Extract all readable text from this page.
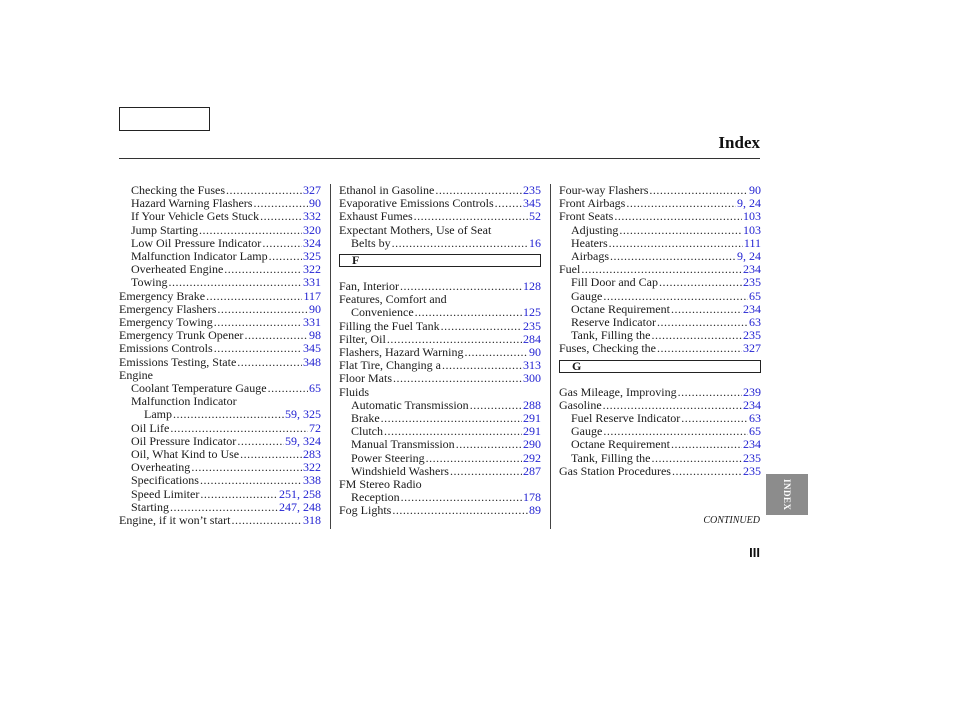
Index
Checking the Fuses .....	327
Hazard Warning Flashers .....	90
If Your Vehicle Gets Stuck .....	332
Jump Starting .....	320
Low Oil Pressure Indicator .....	324
Malfunction Indicator Lamp .....	325
Overheated Engine .....	322
Towing .....	331
Emergency Brake .....	117
Emergency Flashers .....	90
Emergency Towing .....	331
Emergency Trunk Opener .....	98
Emissions Controls .....	345
Emissions Testing, State .....	348
Engine
Coolant Temperature Gauge .....	65
Malfunction Indicator
Lamp .....	59, 325
Oil Life .....	72
Oil Pressure Indicator .....	59, 324
Oil, What Kind to Use .....	283
Overheating .....	322
Specifications .....	338
Speed Limiter .....	251, 258
Starting .....	247, 248
Engine, if it won’t start .....	318
Ethanol in Gasoline .....	235
Evaporative Emissions Controls ..... 345
Exhaust Fumes .....	52
Expectant Mothers, Use of Seat
Belts by .....	16
F
Fan, Interior .....	128
Features, Comfort and
Convenience .....	125
Filling the Fuel Tank .....	235
Filter, Oil .....	284
Flashers, Hazard Warning .....	90
Flat Tire, Changing a .....	313
Floor Mats .....	300
Fluids
Automatic Transmission .....	288
Brake .....	291
Clutch .....	291
Manual Transmission .....	290
Power Steering .....	292
Windshield Washers .....	287
FM Stereo Radio
Reception .....	178
Fog Lights .....	89
Four-way Flashers .....	90
Front Airbags .....	9, 24
Front Seats .....	103
Adjusting .....	103
Heaters .....	111
Airbags .....	9, 24
Fuel .....	234
Fill Door and Cap .....	235
Gauge .....	65
Octane Requirement .....	234
Reserve Indicator .....	63
Tank, Filling the .....	235
Fuses, Checking the .....	327
G
Gas Mileage, Improving .....	239
Gasoline .....	234
Fuel Reserve Indicator .....	63
Gauge .....	65
Octane Requirement .....	234
Tank, Filling the .....	235
Gas Station Procedures .....	235
INDEX
CONTINUED
III
